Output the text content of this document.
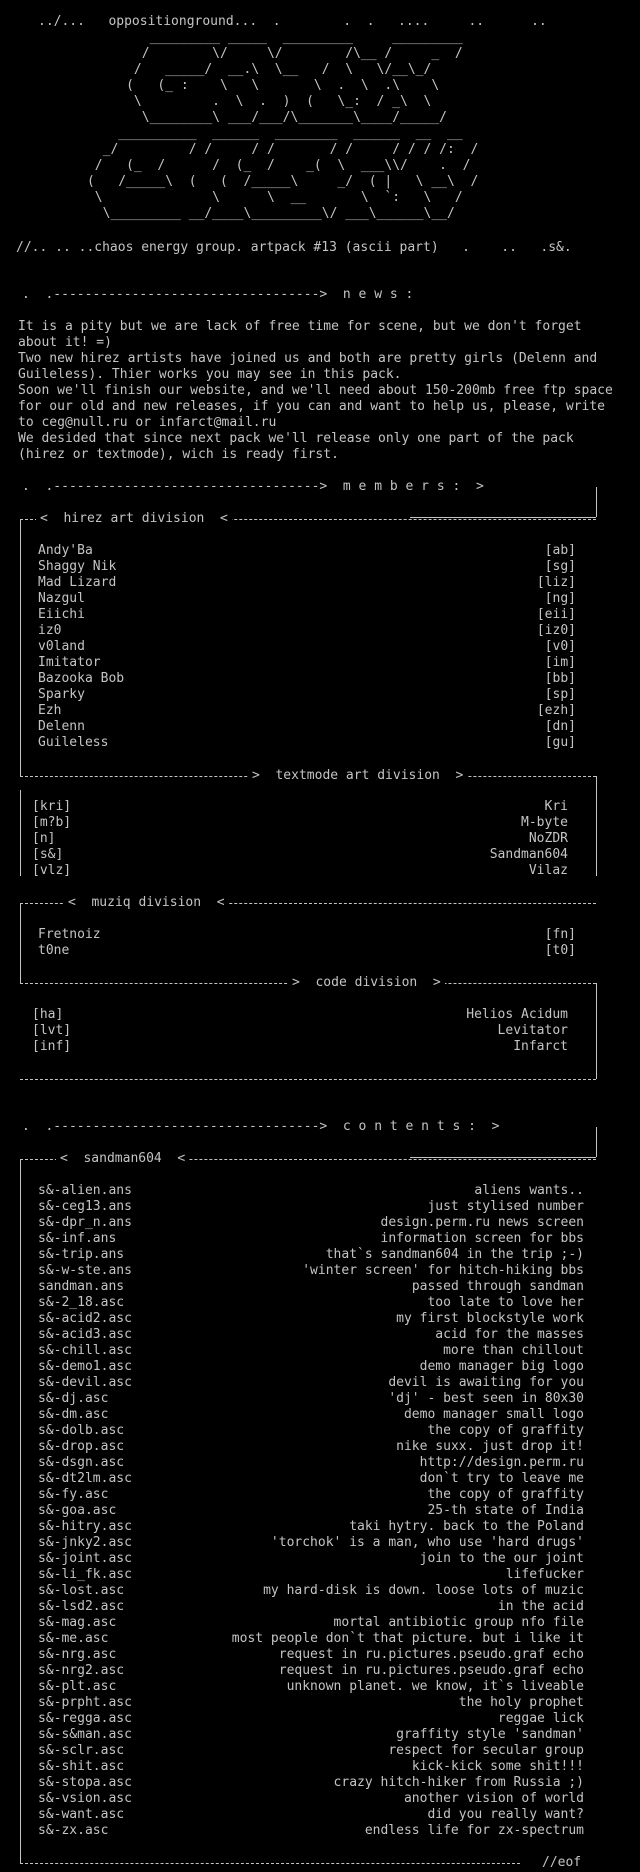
../...   oppositionground...  .        .  .   ....     ..      ..
_________ _____  _________     _________
/        \/     \/        /\__ /     _  /
/   _____/  __.\  \__   /  \   \/__\_/
(   (_ :    \   \       \  .  \  .\    \
\         .  \  .  )  (   \_:  / _\  \
\________\ ___/___/\_______\____/_____/
__________  ______  ________  ______  __  __
_/         / /     / /       / /     / / / /:  /
/   (_  /      /  (_  /    _(  \  ___\\/    .  /
(   /_____\  (   (  /_____\     _/  ( |   \ __\  /
\              \      \  __       \  `:   \   /
\_________ __/____\_________\/ ___\______\__/
//.. .. ..chaos energy group. artpack #13 (ascii part)   .    ..   .s&.
.  .---------------------------------->  n e w s :
It is a pity but we are lack of free time for scene, but we don't forget about it! =)
Two new hirez artists have joined us and both are pretty girls (Delenn and Guileless). Thier works you may see in this pack.
Soon we'll finish our website, and we'll need about 150-200mb free ftp space for our old and new releases, if you can and want to help us, please, write to ceg@null.ru or infarct@mail.ru
We desided that since next pack we'll release only one part of the pack (hirez or textmode), wich is ready first.
.  .---------------------------------->  m e m b e r s :  >
<  hirez art division  <
Andy'Ba	[ab]
Shaggy Nik	[sg]
Mad Lizard	[liz]
Nazgul	[ng]
Eiichi	[eii]
iz0	[iz0]
v0land	[v0]
Imitator	[im]
Bazooka Bob	[bb]
Sparky	[sp]
Ezh	[ezh]
Delenn	[dn]
Guileless	[gu]
>  textmode art division  >
[kri]	Kri
[m?b]	M-byte
[n]	NoZDR
[s&]	Sandman604
[vlz]	Vilaz
<  muziq division  <
Fretnoiz	[fn]
t0ne	[t0]
>  code division  >
[ha]	Helios Acidum
[lvt]	Levitator
[inf]	Infarct
.  .---------------------------------->  c o n t e n t s :  >
<  sandman604  <
s&-alien.ans	aliens wants..
s&-ceg13.ans	just stylised number
s&-dpr_n.ans	design.perm.ru news screen
s&-inf.ans	information screen for bbs
s&-trip.ans	that`s sandman604 in the trip ;-)
s&-w-ste.ans	'winter screen' for hitch-hiking bbs
sandman.ans	passed through sandman
s&-2_18.asc	too late to love her
s&-acid2.asc	my first blockstyle work
s&-acid3.asc	acid for the masses
s&-chill.asc	more than chillout
s&-demo1.asc	demo manager big logo
s&-devil.asc	devil is awaiting for you
s&-dj.asc	'dj' - best seen in 80x30
s&-dm.asc	demo manager small logo
s&-dolb.asc	the copy of graffity
s&-drop.asc	nike suxx. just drop it!
s&-dsgn.asc	http://design.perm.ru
s&-dt2lm.asc	don`t try to leave me
s&-fy.asc	the copy of graffity
s&-goa.asc	25-th state of India
s&-hitry.asc	taki hytry. back to the Poland
s&-jnky2.asc	'torchok' is a man, who use 'hard drugs'
s&-joint.asc	join to the our joint
s&-li_fk.asc	lifefucker
s&-lost.asc	my hard-disk is down. loose lots of muzic
s&-lsd2.asc	in the acid
s&-mag.asc	mortal antibiotic group nfo file
s&-me.asc	most people don`t that picture. but i like it
s&-nrg.asc	request in ru.pictures.pseudo.graf echo
s&-nrg2.asc	request in ru.pictures.pseudo.graf echo
s&-plt.asc	unknown planet. we know, it`s liveable
s&-prpht.asc	the holy prophet
s&-regga.asc	reggae lick
s&-s&man.asc	graffity style 'sandman'
s&-sclr.asc	respect for secular group
s&-shit.asc	kick-kick some shit!!!
s&-stopa.asc	crazy hitch-hiker from Russia ;)
s&-vsion.asc	another vision of world
s&-want.asc	did you really want?
s&-zx.asc	endless life for zx-spectrum
//eof
